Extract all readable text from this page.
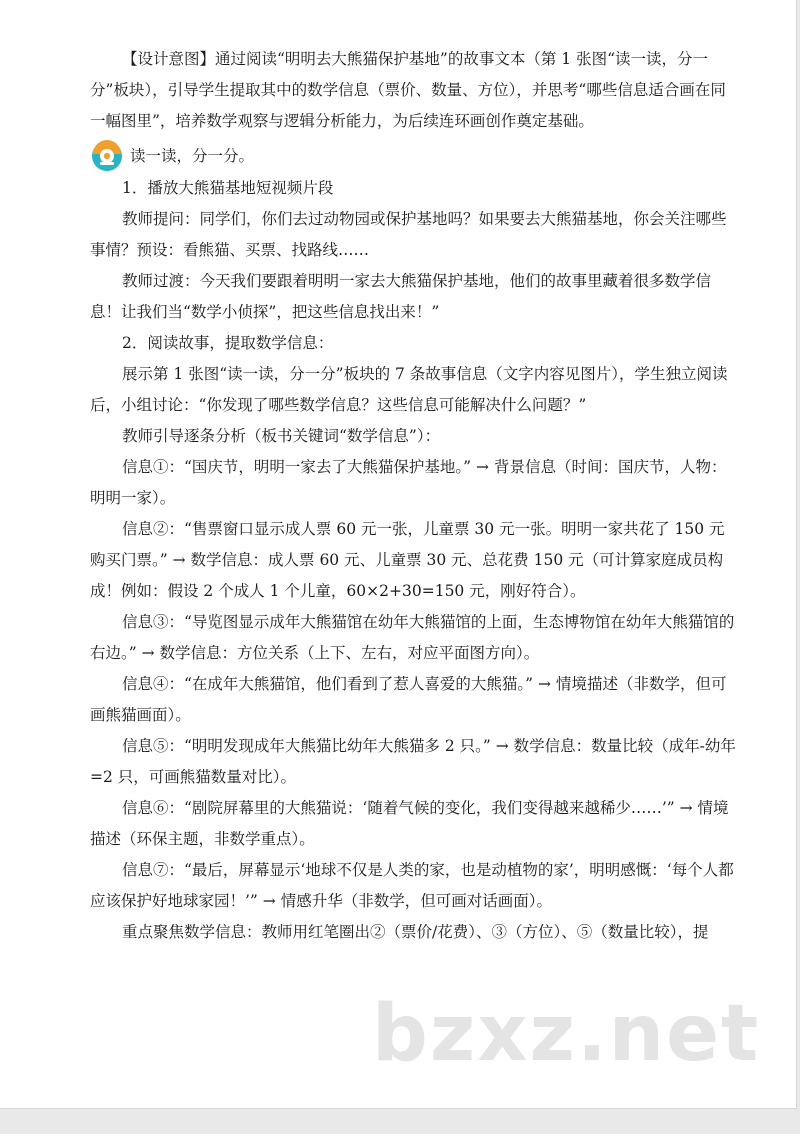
【设计意图】通过阅读“明明去大熊猫保护基地”的故事文本（第 1 张图“读一读，分一分”板块），引导学生提取其中的数学信息（票价、数量、方位），并思考“哪些信息适合画在同一幅图里”，培养数学观察与逻辑分析能力，为后续连环画创作奠定基础。

读一读，分一分。

1．播放大熊猫基地短视频片段

教师提问：同学们，你们去过动物园或保护基地吗？如果要去大熊猫基地，你会关注哪些事情？预设：看熊猫、买票、找路线……

教师过渡：今天我们要跟着明明一家去大熊猫保护基地，他们的故事里藏着很多数学信息！让我们当“数学小侦探”，把这些信息找出来！”

2．阅读故事，提取数学信息：

展示第 1 张图“读一读，分一分”板块的 7 条故事信息（文字内容见图片），学生独立阅读后，小组讨论：“你发现了哪些数学信息？这些信息可能解决什么问题？”

教师引导逐条分析（板书关键词“数学信息”）：

信息①：“国庆节，明明一家去了大熊猫保护基地。” → 背景信息（时间：国庆节，人物：明明一家）。

信息②：“售票窗口显示成人票 60 元一张，儿童票 30 元一张。明明一家共花了 150 元购买门票。” → 数学信息：成人票 60 元、儿童票 30 元、总花费 150 元（可计算家庭成员构成！例如：假设 2 个成人 1 个儿童，60×2+30=150 元，刚好符合）。

信息③：“导览图显示成年大熊猫馆在幼年大熊猫馆的上面，生态博物馆在幼年大熊猫馆的右边。” → 数学信息：方位关系（上下、左右，对应平面图方向）。

信息④：“在成年大熊猫馆，他们看到了惹人喜爱的大熊猫。” → 情境描述（非数学，但可画熊猫画面）。

信息⑤：“明明发现成年大熊猫比幼年大熊猫多 2 只。” → 数学信息：数量比较（成年-幼年=2 只，可画熊猫数量对比）。

信息⑥：“剧院屏幕里的大熊猫说：‘随着气候的变化，我们变得越来越稀少……’” → 情境描述（环保主题，非数学重点）。

信息⑦：“最后，屏幕显示‘地球不仅是人类的家，也是动植物的家’，明明感慨：‘每个人都应该保护好地球家园！’” → 情感升华（非数学，但可画对话画面）。

重点聚焦数学信息：教师用红笔圈出②（票价/花费）、③（方位）、⑤（数量比较），提

bzxz.net
